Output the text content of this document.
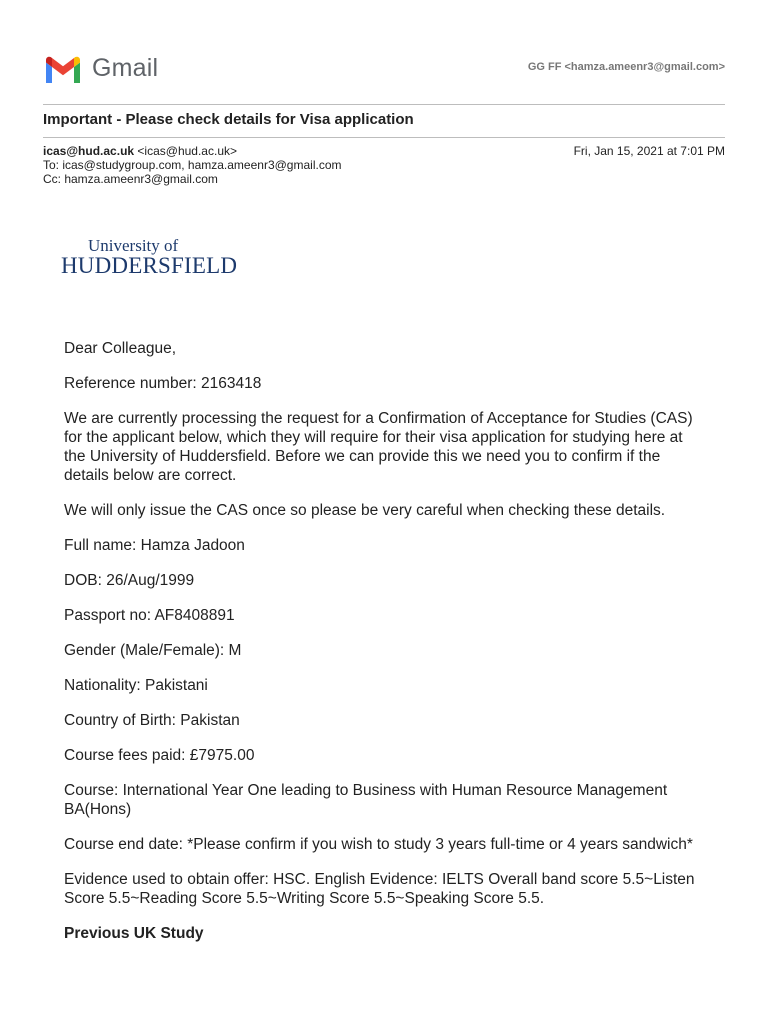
Gmail	GG FF <hamza.ameenr3@gmail.com>
Important - Please check details for Visa application
icas@hud.ac.uk <icas@hud.ac.uk>	Fri, Jan 15, 2021 at 7:01 PM
To: icas@studygroup.com, hamza.ameenr3@gmail.com
Cc: hamza.ameenr3@gmail.com
University of
HUDDERSFIELD

Dear Colleague,

Reference number: 2163418

We are currently processing the request for a Confirmation of Acceptance for Studies (CAS) for the applicant below, which they will require for their visa application for studying here at the University of Huddersfield. Before we can provide this we need you to confirm if the details below are correct.

We will only issue the CAS once so please be very careful when checking these details.

Full name: Hamza Jadoon

DOB: 26/Aug/1999

Passport no: AF8408891

Gender (Male/Female): M

Nationality: Pakistani

Country of Birth: Pakistan

Course fees paid: £7975.00

Course: International Year One leading to Business with Human Resource Management BA(Hons)

Course end date: *Please confirm if you wish to study 3 years full-time or 4 years sandwich*

Evidence used to obtain offer: HSC. English Evidence: IELTS Overall band score 5.5~Listen Score 5.5~Reading Score 5.5~Writing Score 5.5~Speaking Score 5.5.

Previous UK Study
